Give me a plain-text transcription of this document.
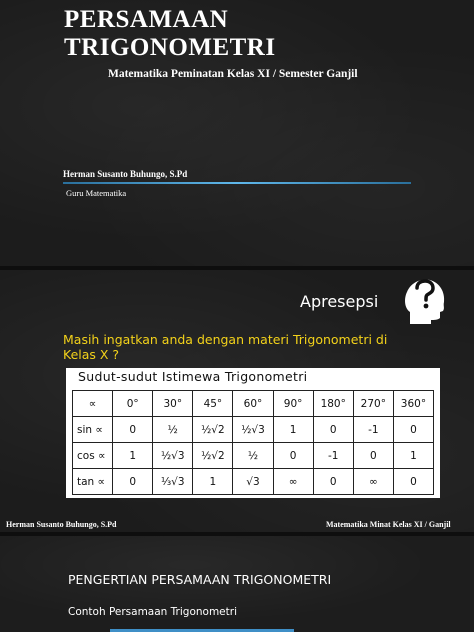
PERSAMAAN TRIGONOMETRI
Matematika Peminatan Kelas XI / Semester Ganjil
Herman Susanto Buhungo, S.Pd
Guru Matematika
Apresepsi
Masih ingatkan anda dengan materi Trigonometri di Kelas X ?
Sudut-sudut Istimewa Trigonometri
∝	0°	30°	45°	60°	90°	180°	270°	360°
sin ∝	0	½	½√2	½√3	1	0	-1	0
cos ∝	1	½√3	½√2	½	0	-1	0	1
tan ∝	0	⅓√3	1	√3	∞	0	∞	0
Herman Susanto Buhungo, S.Pd	Matematika Minat Kelas XI / Ganjil
PENGERTIAN PERSAMAAN TRIGONOMETRI
Contoh Persamaan Trigonometri
